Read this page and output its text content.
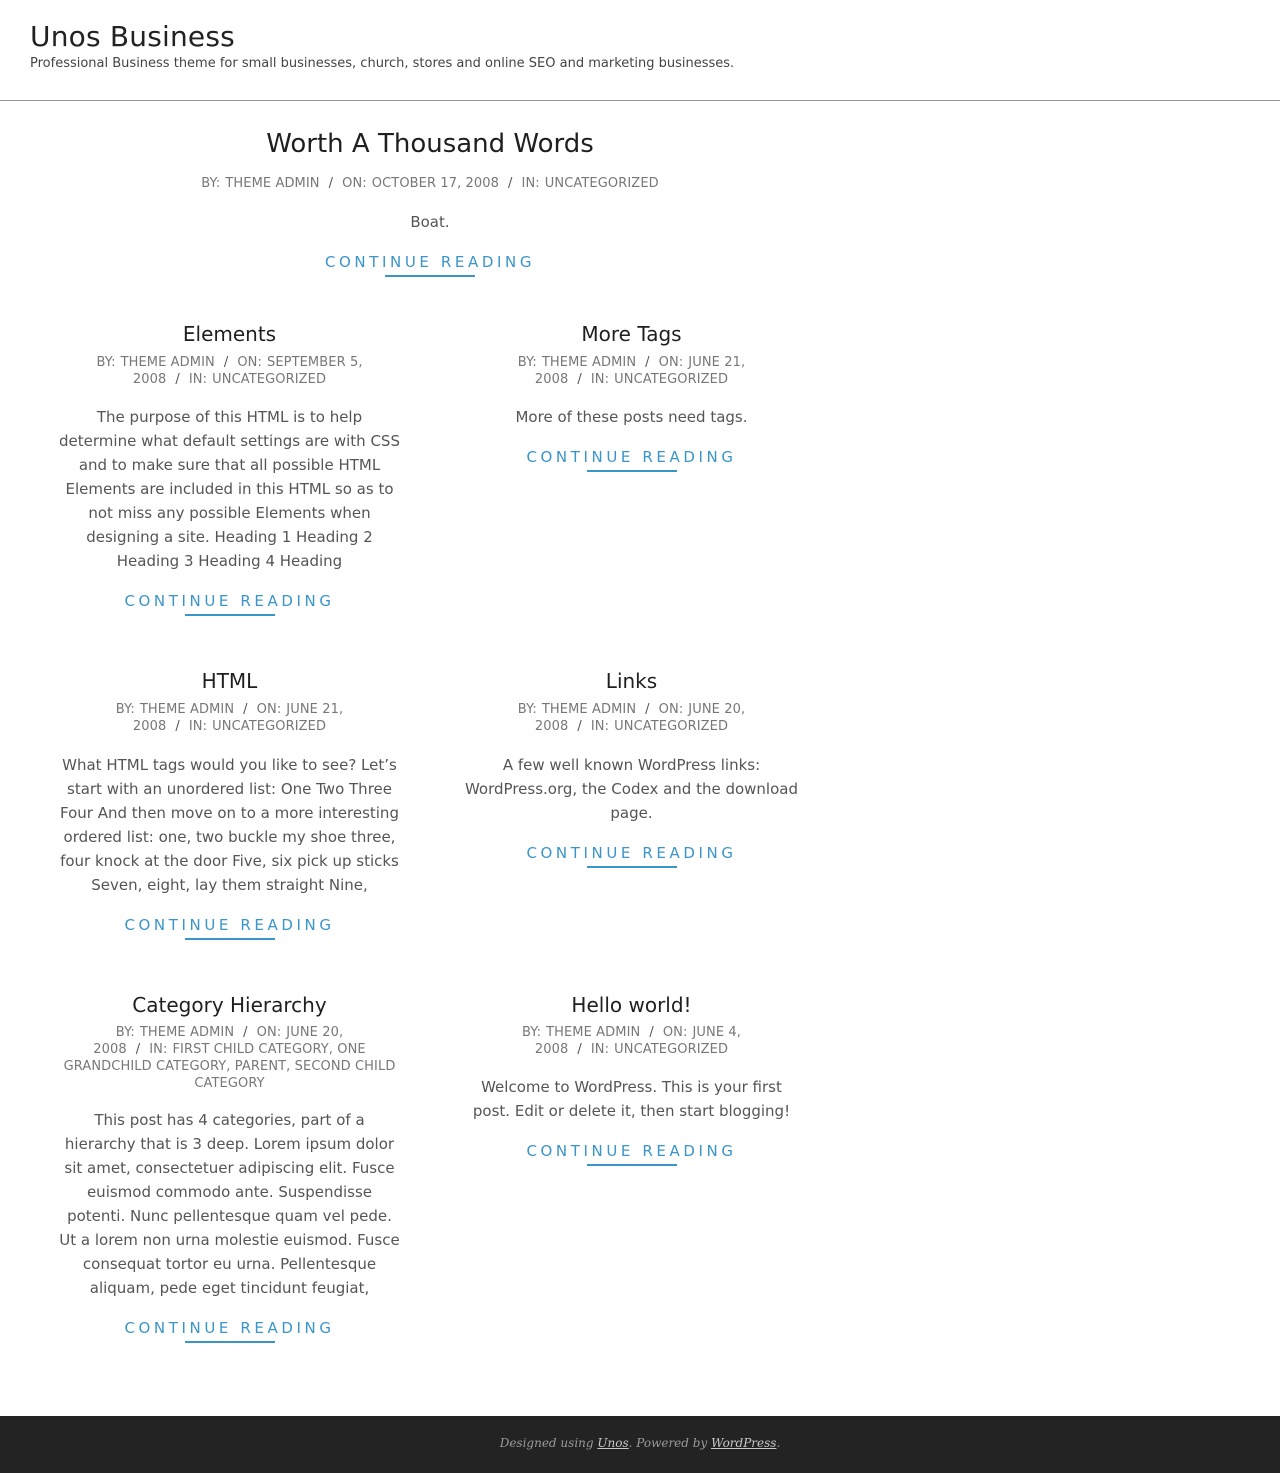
Unos Business

Professional Business theme for small businesses, church, stores and online SEO and marketing businesses.

Worth A Thousand Words
BY: THEME ADMIN / ON: OCTOBER 17, 2008 / IN: UNCATEGORIZED

Boat.

CONTINUE READING
Elements
BY: THEME ADMIN / ON: SEPTEMBER 5, 2008 / IN: UNCATEGORIZED

The purpose of this HTML is to help determine what default settings are with CSS and to make sure that all possible HTML Elements are included in this HTML so as to not miss any possible Elements when designing a site. Heading 1 Heading 2 Heading 3 Heading 4 Heading

CONTINUE READING
More Tags
BY: THEME ADMIN / ON: JUNE 21, 2008 / IN: UNCATEGORIZED

More of these posts need tags.

CONTINUE READING
HTML
BY: THEME ADMIN / ON: JUNE 21, 2008 / IN: UNCATEGORIZED

What HTML tags would you like to see? Let’s start with an unordered list: One Two Three Four And then move on to a more interesting ordered list: one, two buckle my shoe three, four knock at the door Five, six pick up sticks Seven, eight, lay them straight Nine,

CONTINUE READING
Links
BY: THEME ADMIN / ON: JUNE 20, 2008 / IN: UNCATEGORIZED

A few well known WordPress links: WordPress.org, the Codex and the download page.

CONTINUE READING
Category Hierarchy
BY: THEME ADMIN / ON: JUNE 20, 2008 / IN: FIRST CHILD CATEGORY, ONE GRANDCHILD CATEGORY, PARENT, SECOND CHILD CATEGORY

This post has 4 categories, part of a hierarchy that is 3 deep. Lorem ipsum dolor sit amet, consectetuer adipiscing elit. Fusce euismod commodo ante. Suspendisse potenti. Nunc pellentesque quam vel pede. Ut a lorem non urna molestie euismod. Fusce consequat tortor eu urna. Pellentesque aliquam, pede eget tincidunt feugiat,

CONTINUE READING
Hello world!
BY: THEME ADMIN / ON: JUNE 4, 2008 / IN: UNCATEGORIZED

Welcome to WordPress. This is your first post. Edit or delete it, then start blogging!

CONTINUE READING
Designed using Unos. Powered by WordPress.
